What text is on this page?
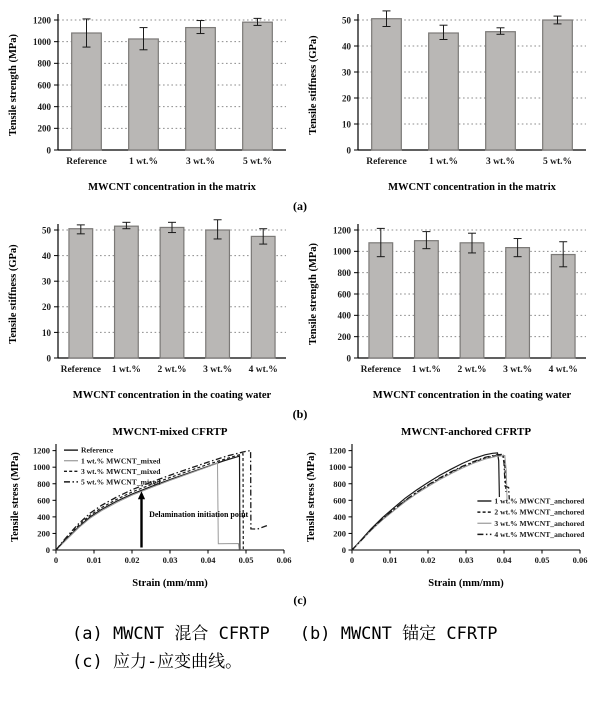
0
200
400
600
800
1000
1200
Reference 1 wt.%	3 wt.%	5 wt.%
MWCNT concentration in the matrix
Tensile strength (MPa)
0
10
20
30
40
50
Reference 1 wt.%	3 wt.%	5 wt.%
MWCNT concentration in the matrix
Tensile stiffness (GPa)
(a)
0
10
20
30
40
50
Reference 1 wt.% 2 wt.% 3 wt.% 4 wt.%
MWCNT concentration in the coating water
Tensile stiffness (GPa)
0
200
400
600
800
1000
1200
Reference 1 wt.% 2 wt.% 3 wt.% 4 wt.%
MWCNT concentration in the coating water
Tensile strength (MPa)
(b)
MWCNT-mixed CFRTP
0
200
400
600
800
1000
1200
0	0.01	0.02	0.03	0.04	0.05	0.06
Strain (mm/mm)
Tensile stress (MPa)	Delamination initiation point
Reference
1 wt.% MWCNT_mixed
3 wt.% MWCNT_mixed
5 wt.% MWCNT_mixed
MWCNT-anchored CFRTP
0
200
400
600
800
1000
1200
0	0.01	0.02	0.03	0.04	0.05	0.06
Strain (mm/mm)
Tensile stress (MPa)	1 wt.% MWCNT_anchored
2 wt.% MWCNT_anchored
3 wt.% MWCNT_anchored
4 wt.% MWCNT_anchored
(c)
(a) MWCNT 混合 CFRTP (b) MWCNT 锚定 CFRTP
(c) 应力-应变曲线。
